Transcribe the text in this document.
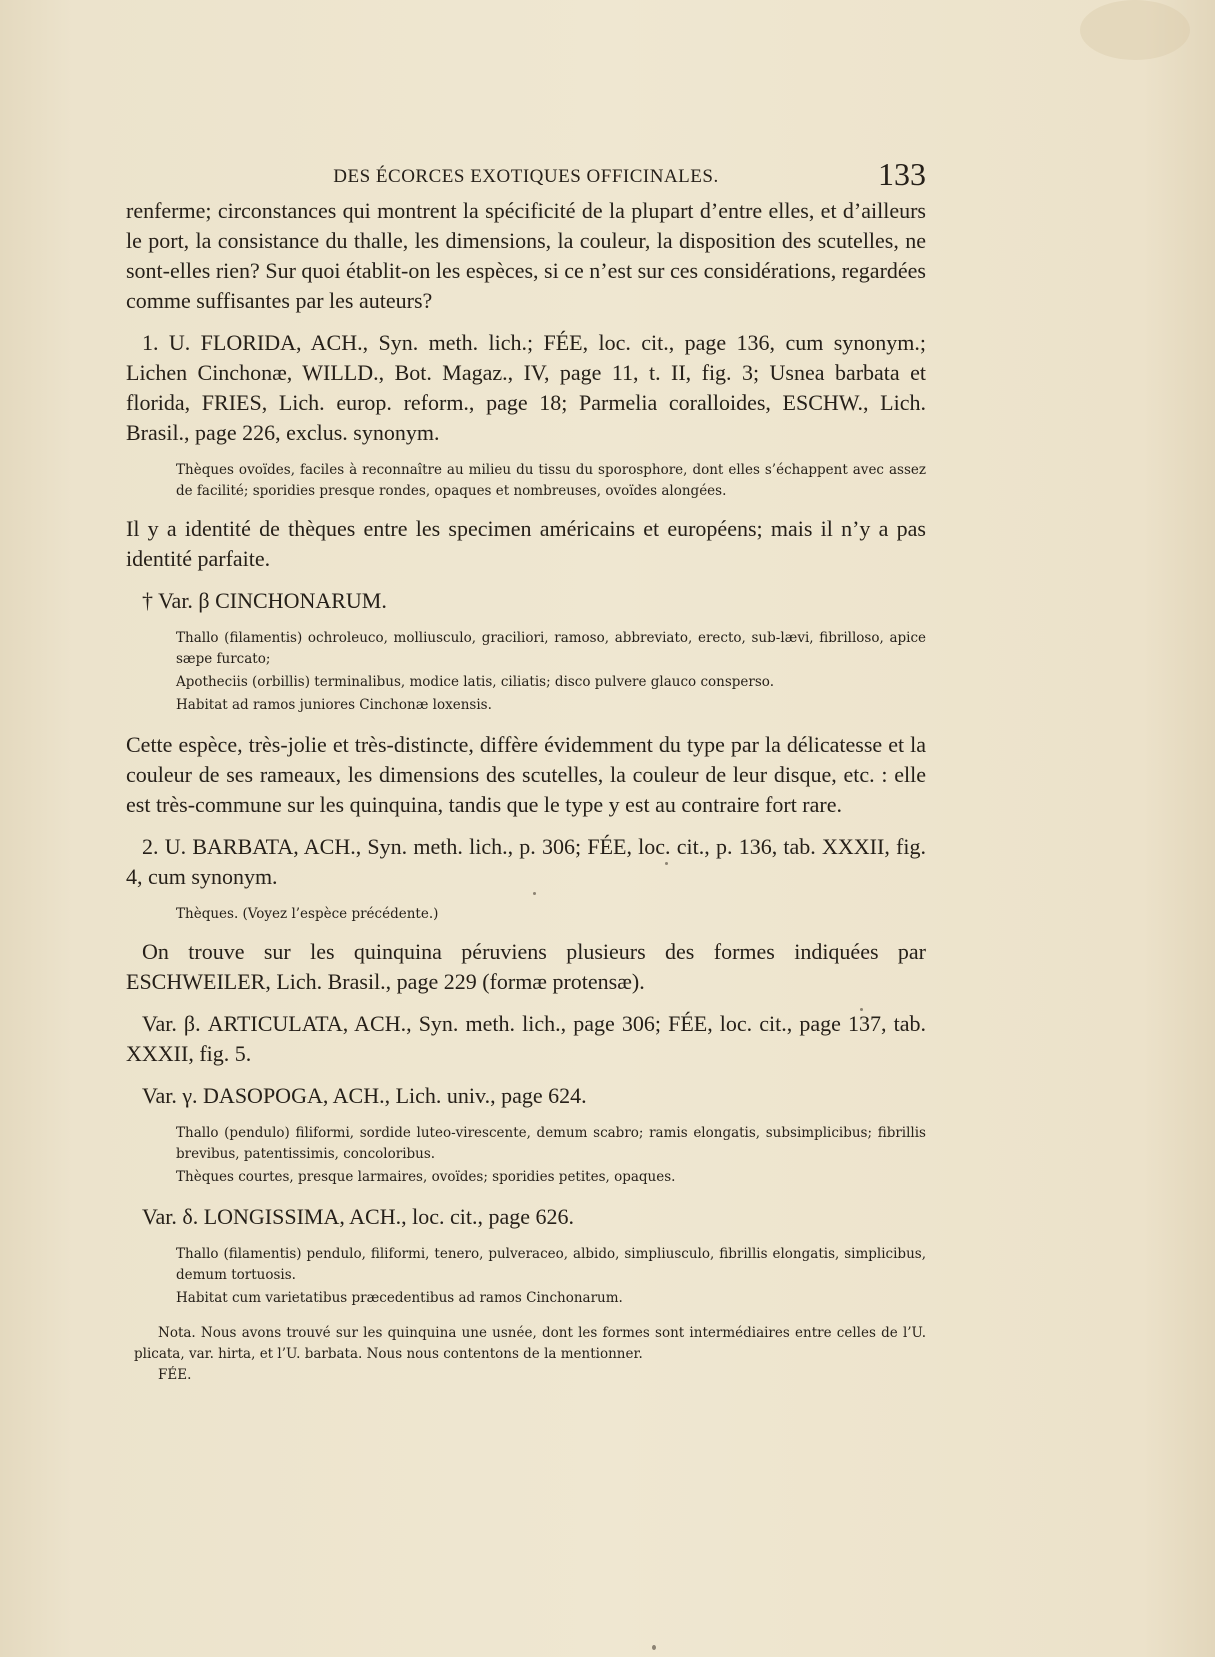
DES ÉCORCES EXOTIQUES OFFICINALES.	133

renferme; circonstances qui montrent la spécificité de la plupart d’entre elles, et d’ailleurs le port, la consistance du thalle, les dimensions, la couleur, la disposition des scutelles, ne sont-elles rien? Sur quoi établit-on les espèces, si ce n’est sur ces considérations, regardées comme suffisantes par les auteurs?

1. U. FLORIDA, ACH., Syn. meth. lich.; FÉE, loc. cit., page 136, cum synonym.; Lichen Cinchonæ, WILLD., Bot. Magaz., IV, page 11, t. II, fig. 3; Usnea barbata et florida, FRIES, Lich. europ. reform., page 18; Parmelia coralloides, ESCHW., Lich. Brasil., page 226, exclus. synonym.

Thèques ovoïdes, faciles à reconnaître au milieu du tissu du sporosphore, dont elles s’échappent avec assez de facilité; sporidies presque rondes, opaques et nombreuses, ovoïdes alongées.

Il y a identité de thèques entre les specimen américains et européens; mais il n’y a pas identité parfaite.

† Var. β CINCHONARUM.

Thallo (filamentis) ochroleuco, molliusculo, graciliori, ramoso, abbreviato, erecto, sub-lævi, fibrilloso, apice sæpe furcato;

Apotheciis (orbillis) terminalibus, modice latis, ciliatis; disco pulvere glauco consperso.

Habitat ad ramos juniores Cinchonæ loxensis.

Cette espèce, très-jolie et très-distincte, diffère évidemment du type par la délicatesse et la couleur de ses rameaux, les dimensions des scutelles, la couleur de leur disque, etc. : elle est très-commune sur les quinquina, tandis que le type y est au contraire fort rare.

2. U. BARBATA, ACH., Syn. meth. lich., p. 306; FÉE, loc. cit., p. 136, tab. XXXII, fig. 4, cum synonym.

Thèques. (Voyez l’espèce précédente.)

On trouve sur les quinquina péruviens plusieurs des formes indiquées par ESCHWEILER, Lich. Brasil., page 229 (formæ protensæ).

Var. β. ARTICULATA, ACH., Syn. meth. lich., page 306; FÉE, loc. cit., page 137, tab. XXXII, fig. 5.

Var. γ. DASOPOGA, ACH., Lich. univ., page 624.

Thallo (pendulo) filiformi, sordide luteo-virescente, demum scabro; ramis elongatis, subsimplicibus; fibrillis brevibus, patentissimis, concoloribus.

Thèques courtes, presque larmaires, ovoïdes; sporidies petites, opaques.

Var. δ. LONGISSIMA, ACH., loc. cit., page 626.

Thallo (filamentis) pendulo, filiformi, tenero, pulveraceo, albido, simpliusculo, fibrillis elongatis, simplicibus, demum tortuosis.

Habitat cum varietatibus præcedentibus ad ramos Cinchonarum.

Nota. Nous avons trouvé sur les quinquina une usnée, dont les formes sont intermédiaires entre celles de l’U. plicata, var. hirta, et l’U. barbata. Nous nous contentons de la mentionner.

FÉE.
